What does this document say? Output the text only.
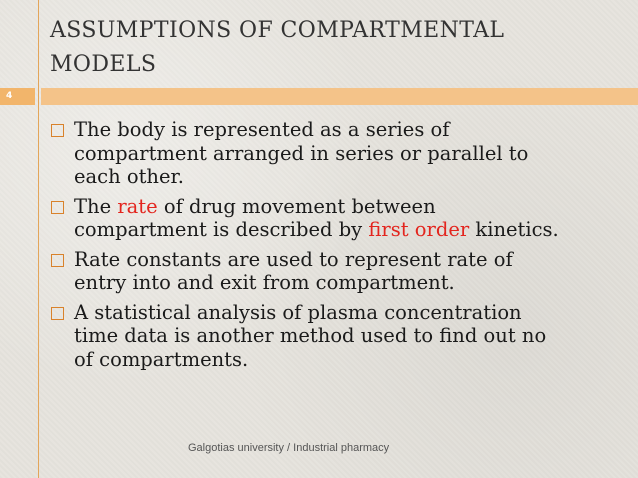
ASSUMPTIONS OF COMPARTMENTAL
MODELS
4
The body is represented as a series of
compartment arranged in series or parallel to
each other.
The rate of drug movement between
compartment is described by first order kinetics.
Rate constants are used to represent rate of
entry into and exit from compartment.
A statistical analysis of plasma concentration
time data is another method used to find out no
of compartments.
Galgotias university / Industrial pharmacy
